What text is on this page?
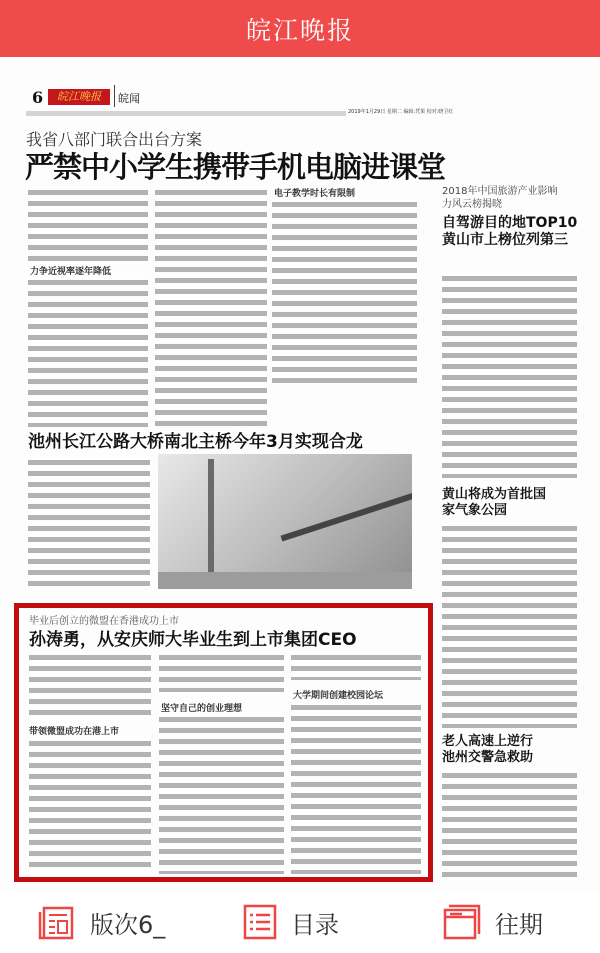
皖江晚报
6	皖江晚报	皖闻
2019年1月29日 星期二 编辑:凭果 校对:晓卫红
我省八部门联合出台方案
严禁中小学生携带手机电脑进课堂
力争近视率逐年降低
电子教学时长有限制	2018年中国旅游产业影响力风云榜揭晓
自驾游目的地TOP10 黄山市上榜位列第三
池州长江公路大桥南北主桥今年3月实现合龙
黄山将成为首批国家气象公园
老人高速上逆行 池州交警急救助
毕业后创立的微盟在香港成功上市
孙涛勇，从安庆师大毕业生到上市集团CEO
带领微盟成功在港上市
坚守自己的创业理想
大学期间创建校园论坛
版次6_	目录	往期
